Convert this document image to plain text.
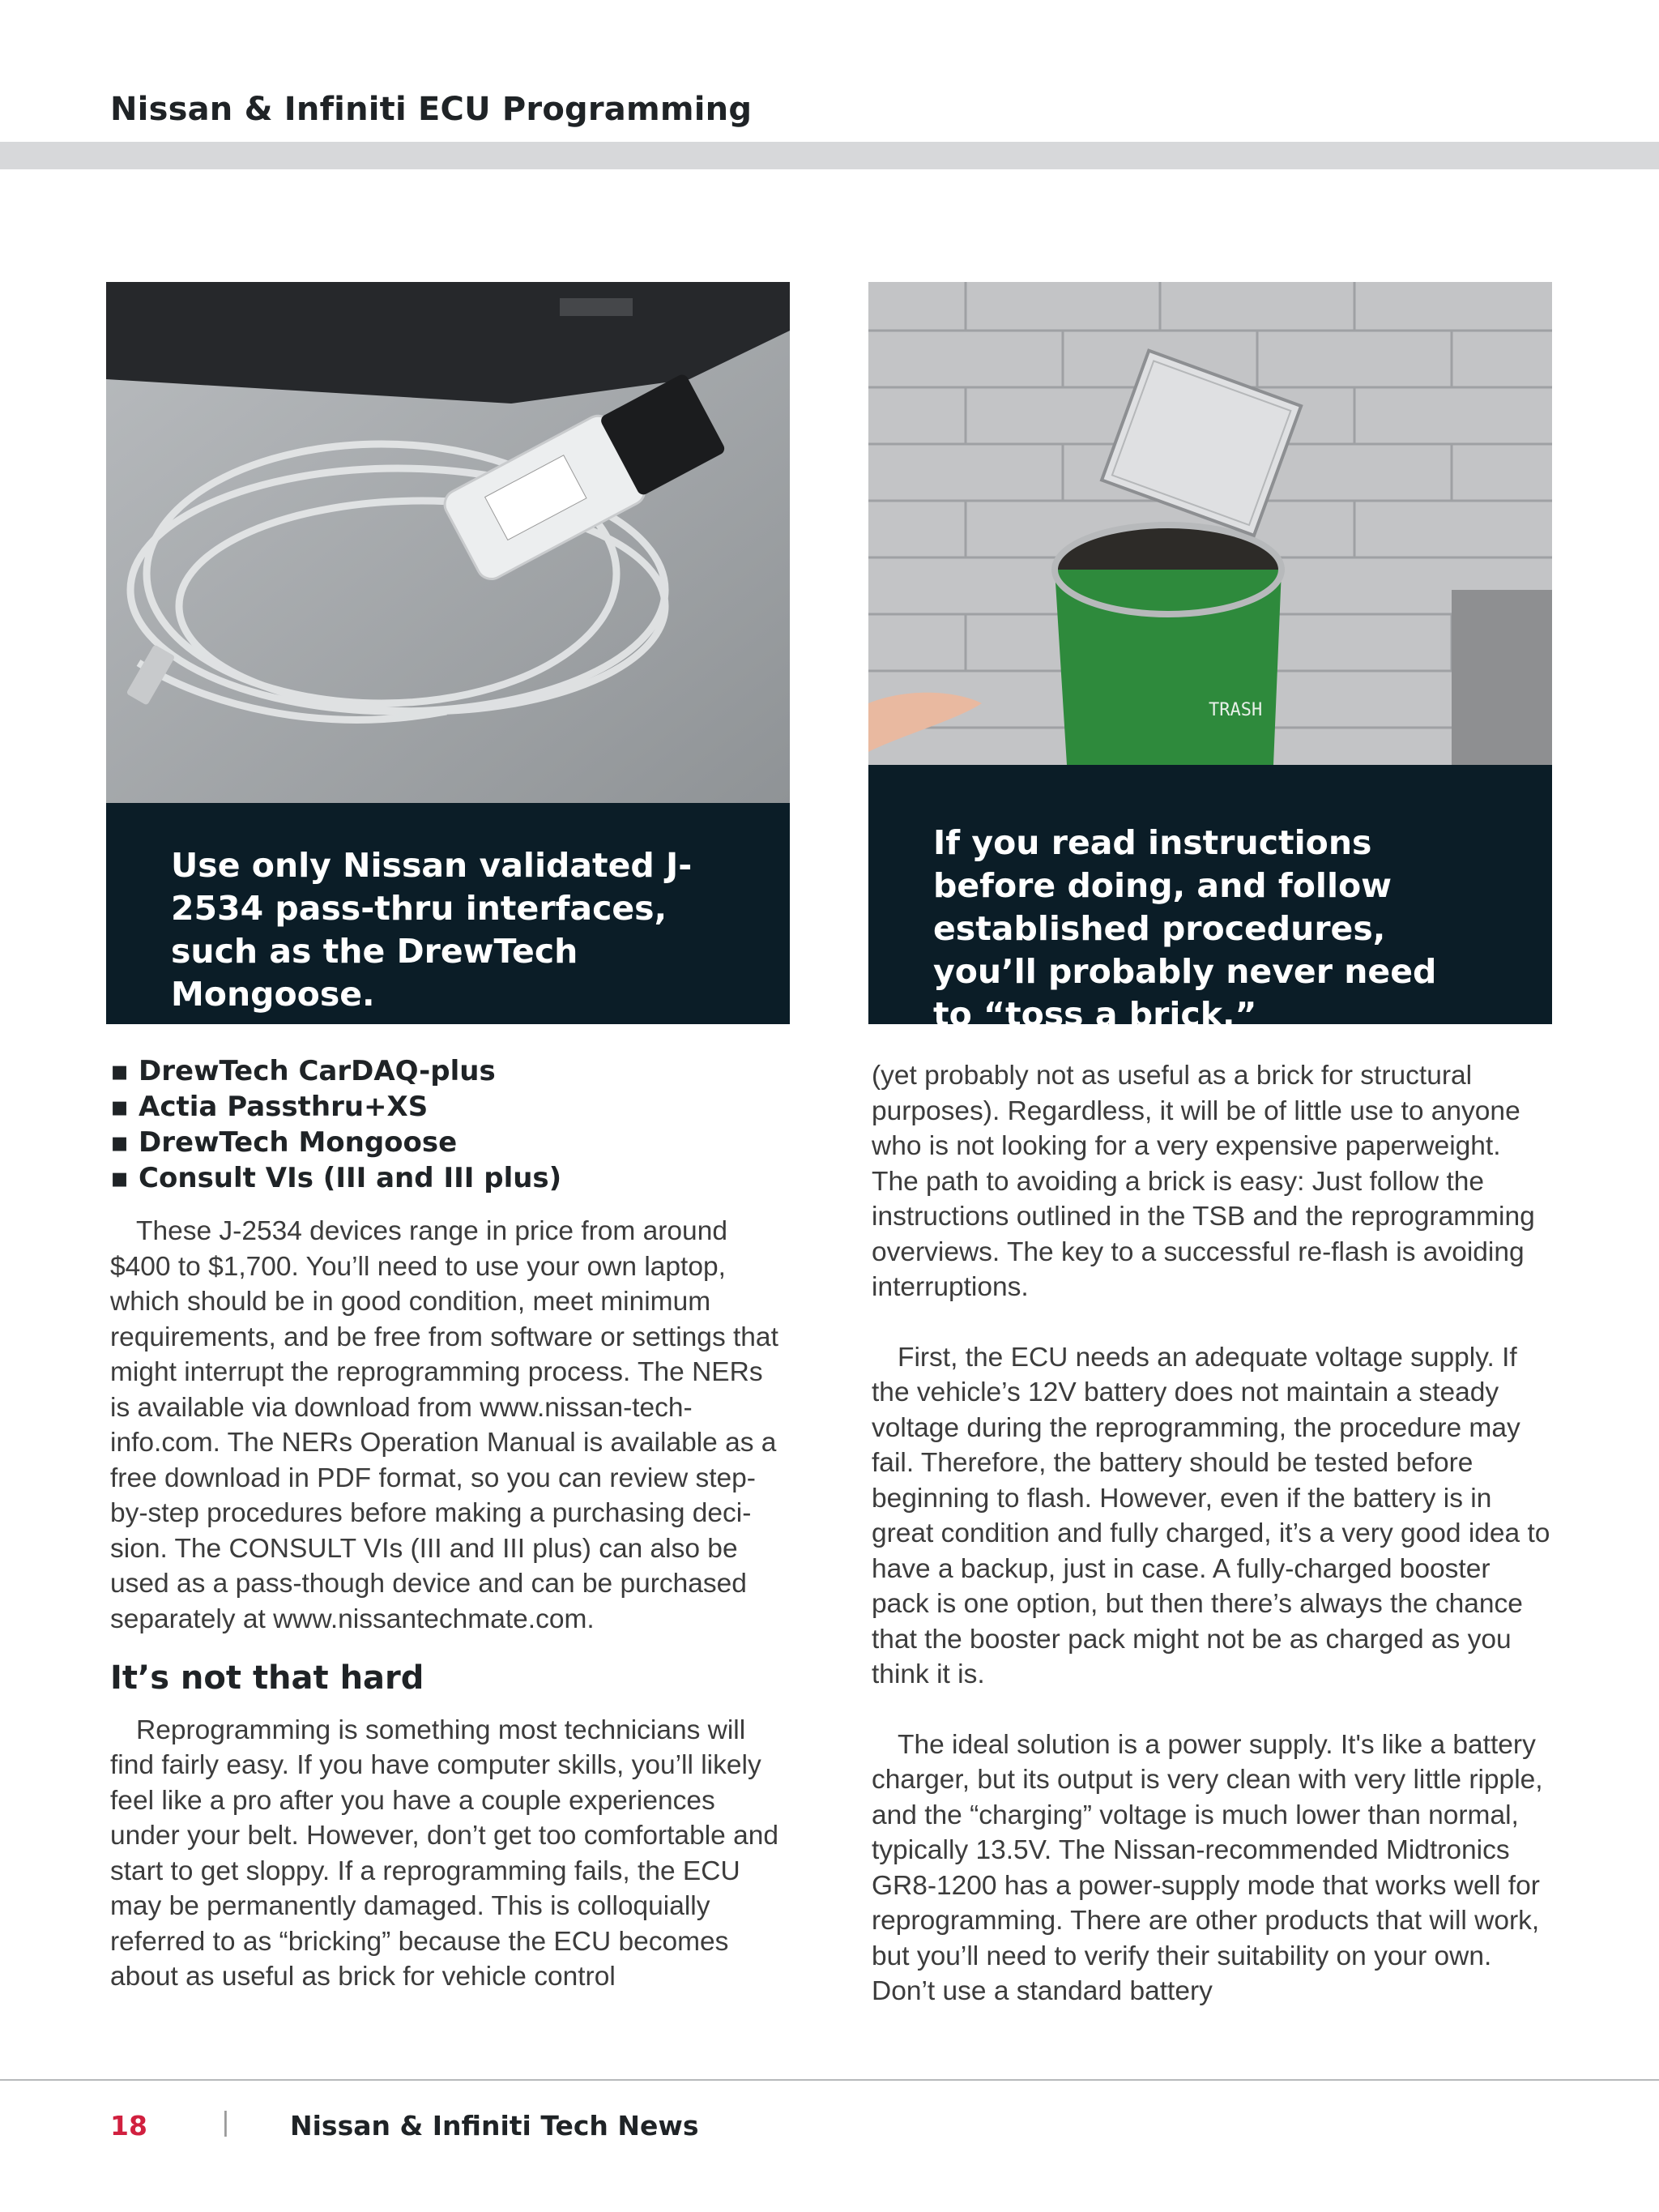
Nissan & Infiniti ECU Programming
Use only Nissan validated J-2534 pass-thru interfaces, such as the DrewTech Mongoose.
TRASH
If you read instructions before doing, and follow established procedures, you’ll probably never need to “toss a brick.”
▪ DrewTech CarDAQ-plus
▪ Actia Passthru+XS
▪ DrewTech Mongoose
▪ Consult VIs (III and III plus)

These J-2534 devices range in price from around $400 to $1,700. You’ll need to use your own laptop, which should be in good condition, meet minimum requirements, and be free from software or settings that might interrupt the reprogramming process. The NERs is available via download from www.nissan-tech-info.com. The NERs Operation Manual is available as a free download in PDF format, so you can review step-by-step procedures before making a purchasing deci-sion. The CONSULT VIs (III and III plus) can also be used as a pass-though device and can be purchased separately at www.nissantechmate.com.

It’s not that hard

Reprogramming is something most technicians will find fairly easy. If you have computer skills, you’ll likely feel like a pro after you have a couple experiences under your belt. However, don’t get too comfortable and start to get sloppy. If a reprogramming fails, the ECU may be permanently damaged. This is colloquially referred to as “bricking” because the ECU becomes about as useful as brick for vehicle control

(yet probably not as useful as a brick for structural purposes). Regardless, it will be of little use to anyone who is not looking for a very expensive paperweight. The path to avoiding a brick is easy: Just follow the instructions outlined in the TSB and the reprogramming overviews. The key to a successful re-flash is avoiding interruptions.

First, the ECU needs an adequate voltage supply. If the vehicle’s 12V battery does not maintain a steady voltage during the reprogramming, the procedure may fail. Therefore, the battery should be tested before beginning to flash. However, even if the battery is in great condition and fully charged, it’s a very good idea to have a backup, just in case. A fully-charged booster pack is one option, but then there’s always the chance that the booster pack might not be as charged as you think it is.

The ideal solution is a power supply. It's like a battery charger, but its output is very clean with very little ripple, and the “charging” voltage is much lower than normal, typically 13.5V. The Nissan-recommended Midtronics GR8-1200 has a power-supply mode that works well for reprogramming. There are other products that will work, but you’ll need to verify their suitability on your own. Don’t use a standard battery

18	| Nissan & Infiniti Tech News
